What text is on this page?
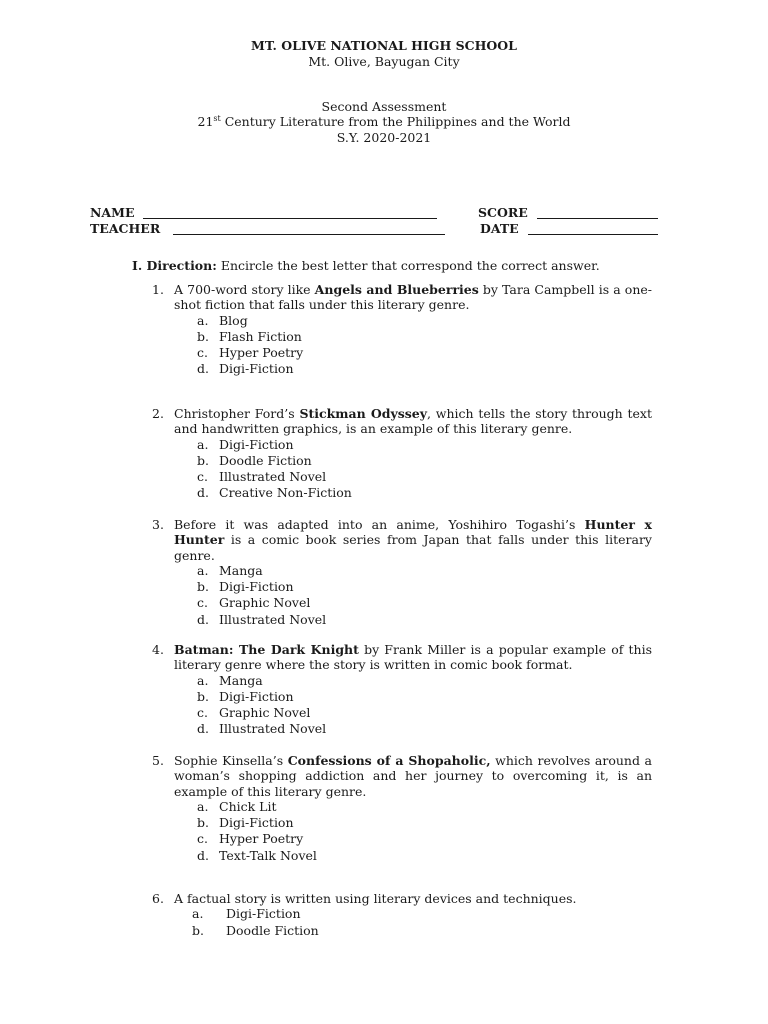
MT. OLIVE NATIONAL HIGH SCHOOL
Mt. Olive, Bayugan City
Second Assessment
21st Century Literature from the Philippines and the World
S.Y. 2020-2021
NAME	SCORE
TEACHER	DATE
I. Direction: Encircle the best letter that correspond the correct answer.
1. A 700-word story like Angels and Blueberries by Tara Campbell is a one-shot fiction that falls under this literary genre.
a. Blog
b. Flash Fiction
c. Hyper Poetry
d. Digi-Fiction
2. Christopher Ford’s Stickman Odyssey, which tells the story through text and handwritten graphics, is an example of this literary genre.
a. Digi-Fiction
b. Doodle Fiction
c. Illustrated Novel
d. Creative Non-Fiction
3. Before it was adapted into an anime, Yoshihiro Togashi’s Hunter x Hunter is a comic book series from Japan that falls under this literary genre.
a. Manga
b. Digi-Fiction
c. Graphic Novel
d. Illustrated Novel
4. Batman: The Dark Knight by Frank Miller is a popular example of this literary genre where the story is written in comic book format.
a. Manga
b. Digi-Fiction
c. Graphic Novel
d. Illustrated Novel
5. Sophie Kinsella’s Confessions of a Shopaholic, which revolves around a woman’s shopping addiction and her journey to overcoming it, is an example of this literary genre.
a. Chick Lit
b. Digi-Fiction
c. Hyper Poetry
d. Text-Talk Novel
6. A factual story is written using literary devices and techniques.
a. Digi-Fiction
b. Doodle Fiction
